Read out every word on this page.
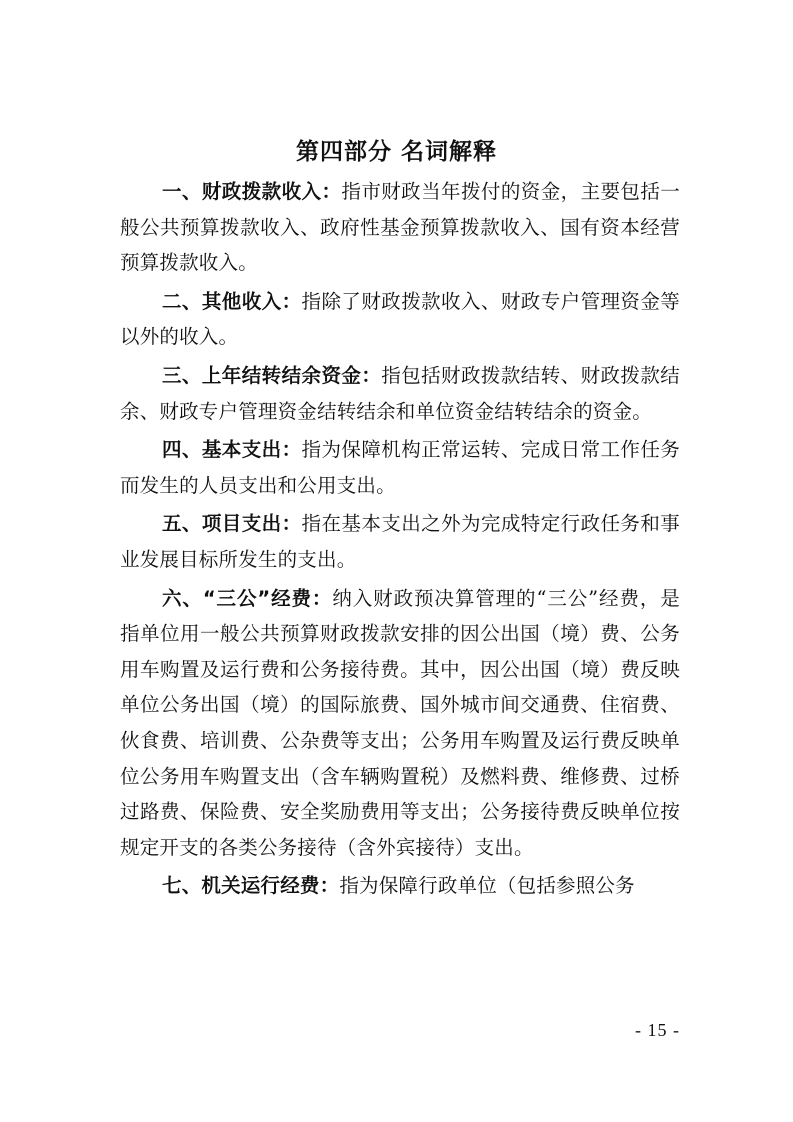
第四部分 名词解释

一、财政拨款收入：指市财政当年拨付的资金，主要包括一般公共预算拨款收入、政府性基金预算拨款收入、国有资本经营预算拨款收入。

二、其他收入：指除了财政拨款收入、财政专户管理资金等以外的收入。

三、上年结转结余资金：指包括财政拨款结转、财政拨款结余、财政专户管理资金结转结余和单位资金结转结余的资金。

四、基本支出：指为保障机构正常运转、完成日常工作任务而发生的人员支出和公用支出。

五、项目支出：指在基本支出之外为完成特定行政任务和事业发展目标所发生的支出。

六、“三公”经费：纳入财政预决算管理的“三公”经费，是指单位用一般公共预算财政拨款安排的因公出国（境）费、公务用车购置及运行费和公务接待费。其中，因公出国（境）费反映单位公务出国（境）的国际旅费、国外城市间交通费、住宿费、伙食费、培训费、公杂费等支出；公务用车购置及运行费反映单位公务用车购置支出（含车辆购置税）及燃料费、维修费、过桥过路费、保险费、安全奖励费用等支出；公务接待费反映单位按规定开支的各类公务接待（含外宾接待）支出。

七、机关运行经费：指为保障行政单位（包括参照公务

- 15 -
